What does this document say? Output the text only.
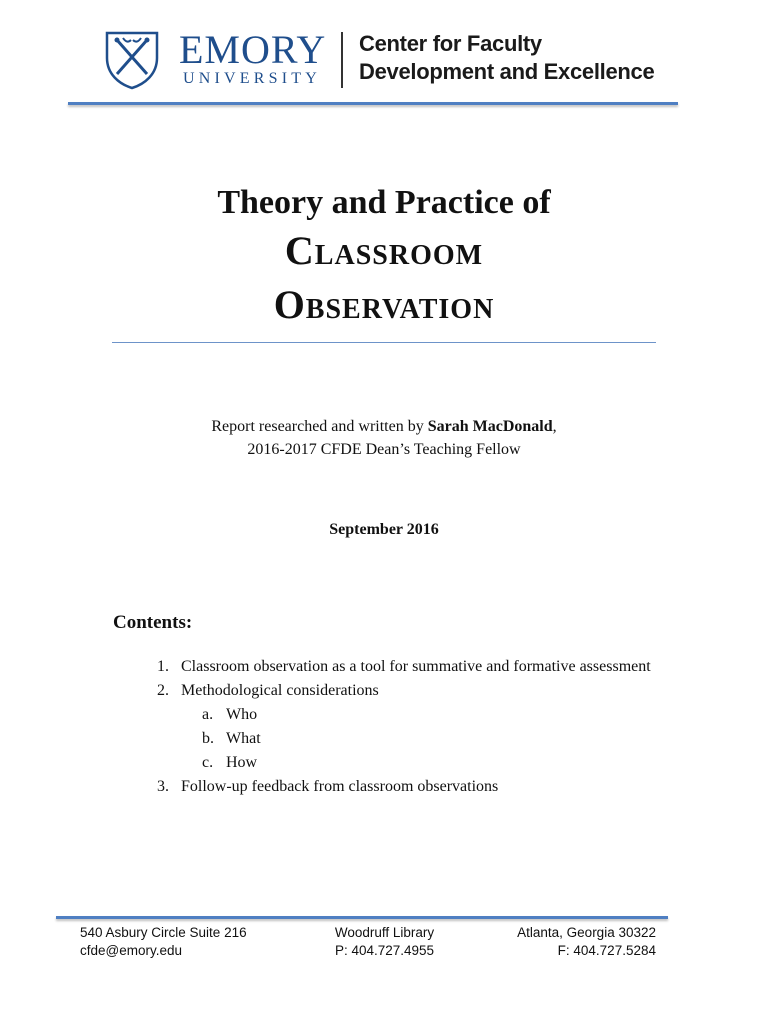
EMORY
UNIVERSITY
Center for Faculty
Development and Excellence
Theory and Practice of
Classroom
Observation
Report researched and written by Sarah MacDonald,
2016-2017 CFDE Dean’s Teaching Fellow
September 2016
Contents:
1. Classroom observation as a tool for summative and formative assessment
2. Methodological considerations
a. Who
b. What
c. How
3. Follow-up feedback from classroom observations
540 Asbury Circle Suite 216
cfde@emory.edu
Woodruff Library
P: 404.727.4955
Atlanta, Georgia 30322
F: 404.727.5284
